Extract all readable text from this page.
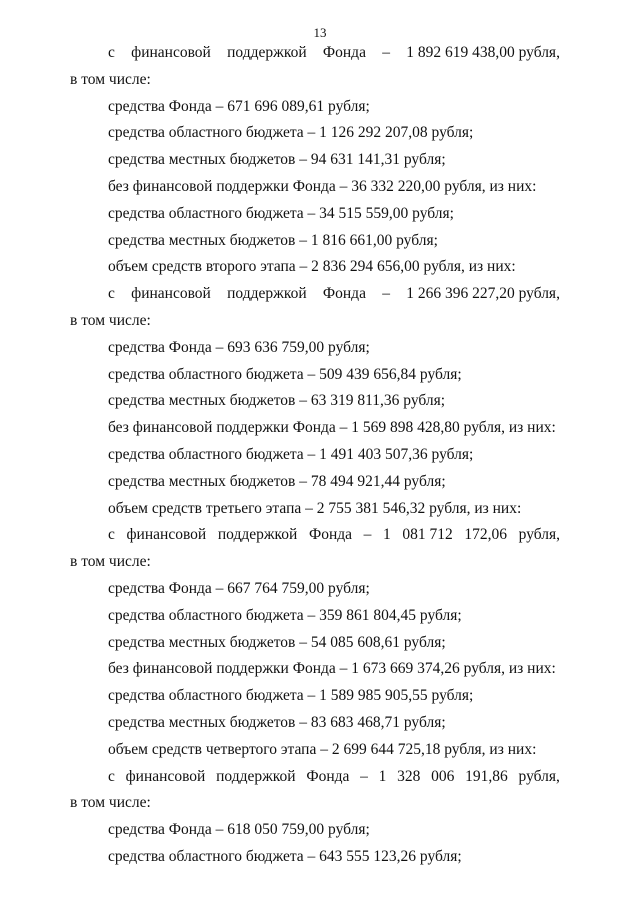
13
с финансовой поддержкой Фонда – 1 892 619 438,00 рубля,
в том числе:
средства Фонда – 671 696 089,61 рубля;
средства областного бюджета – 1 126 292 207,08 рубля;
средства местных бюджетов – 94 631 141,31 рубля;
без финансовой поддержки Фонда – 36 332 220,00 рубля, из них:
средства областного бюджета – 34 515 559,00 рубля;
средства местных бюджетов – 1 816 661,00 рубля;
объем средств второго этапа – 2 836 294 656,00 рубля, из них:
с финансовой поддержкой Фонда – 1 266 396 227,20 рубля,
в том числе:
средства Фонда – 693 636 759,00 рубля;
средства областного бюджета – 509 439 656,84 рубля;
средства местных бюджетов – 63 319 811,36 рубля;
без финансовой поддержки Фонда – 1 569 898 428,80 рубля, из них:
средства областного бюджета – 1 491 403 507,36 рубля;
средства местных бюджетов – 78 494 921,44 рубля;
объем средств третьего этапа – 2 755 381 546,32 рубля, из них:
с финансовой поддержкой Фонда – 1 081 712 172,06 рубля,
в том числе:
средства Фонда – 667 764 759,00 рубля;
средства областного бюджета – 359 861 804,45 рубля;
средства местных бюджетов – 54 085 608,61 рубля;
без финансовой поддержки Фонда – 1 673 669 374,26 рубля, из них:
средства областного бюджета – 1 589 985 905,55 рубля;
средства местных бюджетов – 83 683 468,71 рубля;
объем средств четвертого этапа – 2 699 644 725,18 рубля, из них:
с финансовой поддержкой Фонда – 1 328 006 191,86 рубля,
в том числе:
средства Фонда – 618 050 759,00 рубля;
средства областного бюджета – 643 555 123,26 рубля;
